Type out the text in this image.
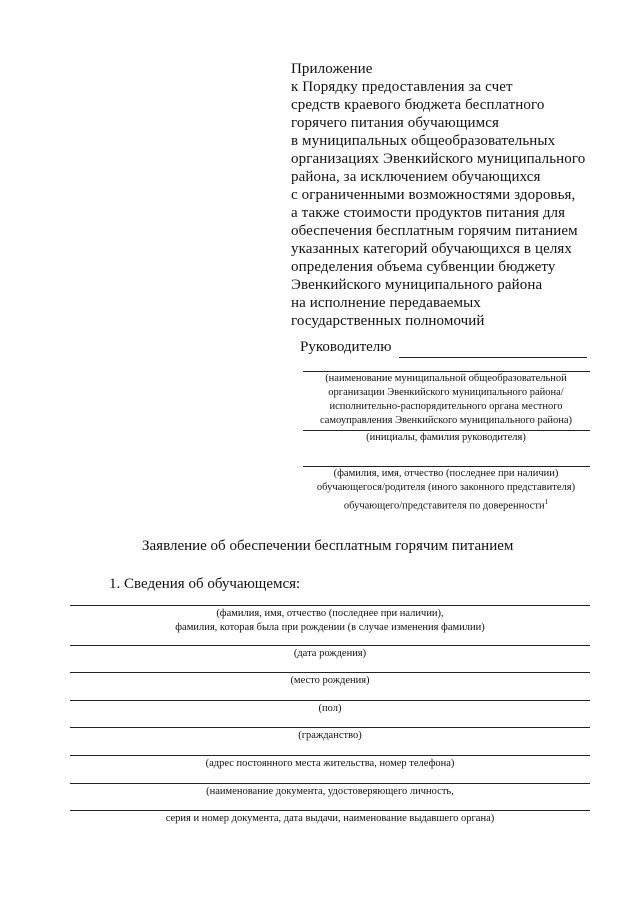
Приложение
к Порядку предоставления за счет
средств краевого бюджета бесплатного
горячего питания обучающимся
в муниципальных общеобразовательных
организациях Эвенкийского муниципального
района, за исключением обучающихся
с ограниченными возможностями здоровья,
а также стоимости продуктов питания для
обеспечения бесплатным горячим питанием
указанных категорий обучающихся в целях
определения объема субвенции бюджету
Эвенкийского муниципального района
на исполнение передаваемых
государственных полномочий
Руководителю
(наименование муниципальной общеобразовательной
организации Эвенкийского муниципального района/
исполнительно-распорядительного органа местного
самоуправления Эвенкийского муниципального района)
(инициалы, фамилия руководителя)
(фамилия, имя, отчество (последнее при наличии)
обучающегося/родителя (иного законного представителя)
обучающего/представителя по доверенности$^1$
Заявление об обеспечении бесплатным горячим питанием
1. Сведения об обучающемся:
(фамилия, имя, отчество (последнее при наличии),
фамилия, которая была при рождении (в случае изменения фамилии)
(дата рождения)
(место рождения)
(пол)
(гражданство)
(адрес постоянного места жительства, номер телефона)
(наименование документа, удостоверяющего личность,
серия и номер документа, дата выдачи, наименование выдавшего органа)
